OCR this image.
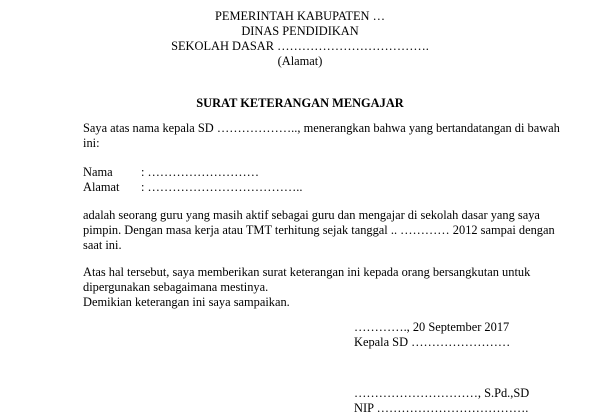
PEMERINTAH KABUPATEN …
DINAS PENDIDIKAN
SEKOLAH DASAR ……………………………….
(Alamat)
SURAT KETERANGAN MENGAJAR
Saya atas nama kepala SD ……………….., menerangkan bahwa yang bertandatangan di bawah
ini:
Nama : ………………………
Alamat : ………………………………..
adalah seorang guru yang masih aktif sebagai guru dan mengajar di sekolah dasar yang saya
pimpin. Dengan masa kerja atau TMT terhitung sejak tanggal .. ………… 2012 sampai dengan
saat ini.
Atas hal tersebut, saya memberikan surat keterangan ini kepada orang bersangkutan untuk
dipergunakan sebagaimana mestinya.
Demikian keterangan ini saya sampaikan.
…………., 20 September 2017
Kepala SD ……………………
…………………………, S.Pd.,SD
NIP ……………………………….
